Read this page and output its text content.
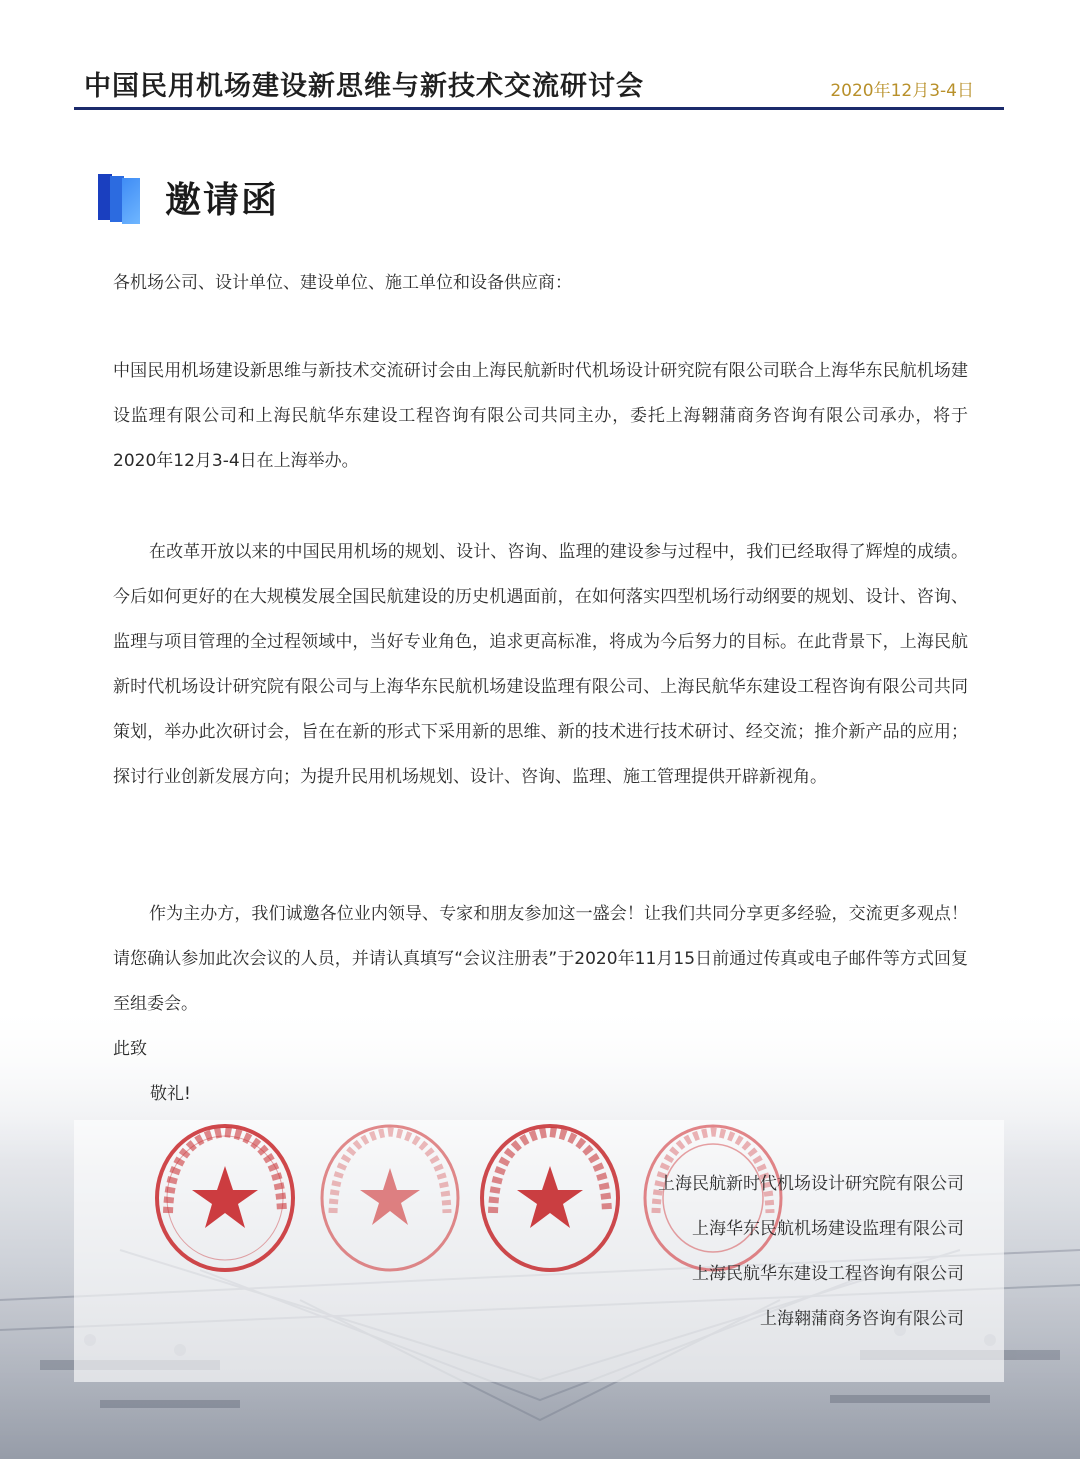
中国民用机场建设新思维与新技术交流研讨会	2020年12月3-4日
邀请函
各机场公司、设计单位、建设单位、施工单位和设备供应商：
中国民用机场建设新思维与新技术交流研讨会由上海民航新时代机场设计研究院有限公司联合上海华东民航机场建设监理有限公司和上海民航华东建设工程咨询有限公司共同主办，委托上海翱蒲商务咨询有限公司承办，将于2020年12月3-4日在上海举办。
在改革开放以来的中国民用机场的规划、设计、咨询、监理的建设参与过程中，我们已经取得了辉煌的成绩。今后如何更好的在大规模发展全国民航建设的历史机遇面前，在如何落实四型机场行动纲要的规划、设计、咨询、监理与项目管理的全过程领域中，当好专业角色，追求更高标准，将成为今后努力的目标。在此背景下，上海民航新时代机场设计研究院有限公司与上海华东民航机场建设监理有限公司、上海民航华东建设工程咨询有限公司共同策划，举办此次研讨会，旨在在新的形式下采用新的思维、新的技术进行技术研讨、经交流；推介新产品的应用；探讨行业创新发展方向；为提升民用机场规划、设计、咨询、监理、施工管理提供开辟新视角。
作为主办方，我们诚邀各位业内领导、专家和朋友参加这一盛会！让我们共同分享更多经验，交流更多观点！请您确认参加此次会议的人员，并请认真填写“会议注册表”于2020年11月15日前通过传真或电子邮件等方式回复至组委会。
此致
敬礼!
上海民航新时代机场设计研究院有限公司
上海华东民航机场建设监理有限公司
上海民航华东建设工程咨询有限公司
上海翱蒲商务咨询有限公司
